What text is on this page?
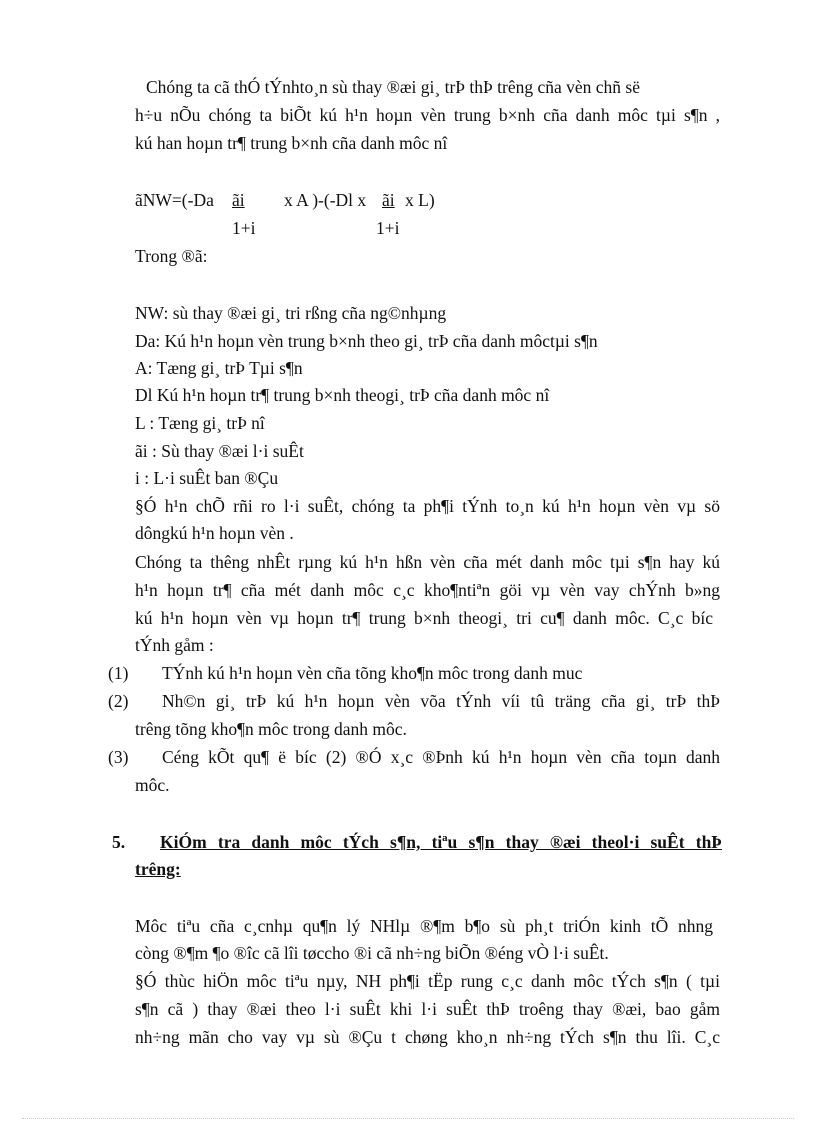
Chóng ta cã thÓ tÝnhto¸n sù thay ®æi gi¸ trÞ thÞ trêng cña vèn chñ së

h÷u nÕu chóng ta biÕt kú h¹n hoµn vèn trung b×nh cña danh môc tµi s¶n ,

kú han hoµn tr¶ trung b×nh cña danh môc nî

ãNW=(-Da ãi x A )-(-Dl x ãi x L)
1+i	1+i

Trong ®ã:

NW: sù thay ®æi gi¸ tri rßng cña ng©nhµng

Da: Kú h¹n hoµn vèn trung b×nh theo gi¸ trÞ cña danh môctµi s¶n

A: Tæng gi¸ trÞ Tµi s¶n

Dl Kú h¹n hoµn tr¶ trung b×nh theogi¸ trÞ cña danh môc nî

L : Tæng gi¸ trÞ nî

ãi : Sù thay ®æi l·i suÊt

i : L·i suÊt ban ®Çu

§Ó h¹n chÕ rñi ro l·i suÊt, chóng ta ph¶i tÝnh to¸n kú h¹n hoµn vèn vµ sö

dôngkú h¹n hoµn vèn .

Chóng ta thêng nhÊt rµng kú h¹n hßn vèn cña mét danh môc tµi s¶n hay kú

h¹n hoµn tr¶ cña mét danh môc c¸c kho¶ntiªn göi vµ vèn vay chÝnh b»ng

kú h¹n hoµn vèn vµ hoµn tr¶ trung b×nh theogi¸ tri cu¶ danh môc. C¸c bíc

tÝnh gåm :

(1) TÝnh kú h¹n hoµn vèn cña tõng kho¶n môc trong danh muc
(2) Nh©n gi¸ trÞ kú h¹n hoµn vèn võa tÝnh víi tû träng cña gi¸ trÞ thÞ
trêng tõng kho¶n môc trong danh môc.
(3) Céng kÕt qu¶ ë bíc (2) ®Ó x¸c ®Þnh kú h¹n hoµn vèn cña toµn danh
môc.
5. KiÓm tra danh môc tÝch s¶n, tiªu s¶n thay ®æi theol·i suÊt thÞ
trêng:

Môc tiªu cña c¸cnhµ qu¶n lý NHlµ ®¶m b¶o sù ph¸t triÓn kinh tÕ nhng

còng ®¶m ¶o ®îc cã lîi tøccho ®i cã nh÷ng biÕn ®éng vÒ l·i suÊt.

§Ó thùc hiÖn môc tiªu nµy, NH ph¶i tËp rung c¸c danh môc tÝch s¶n ( tµi

s¶n cã ) thay ®æi theo l·i suÊt khi l·i suÊt thÞ troêng thay ®æi, bao gåm

nh÷ng mãn cho vay vµ sù ®Çu t chøng kho¸n nh÷ng tÝch s¶n thu lîi. C¸c
